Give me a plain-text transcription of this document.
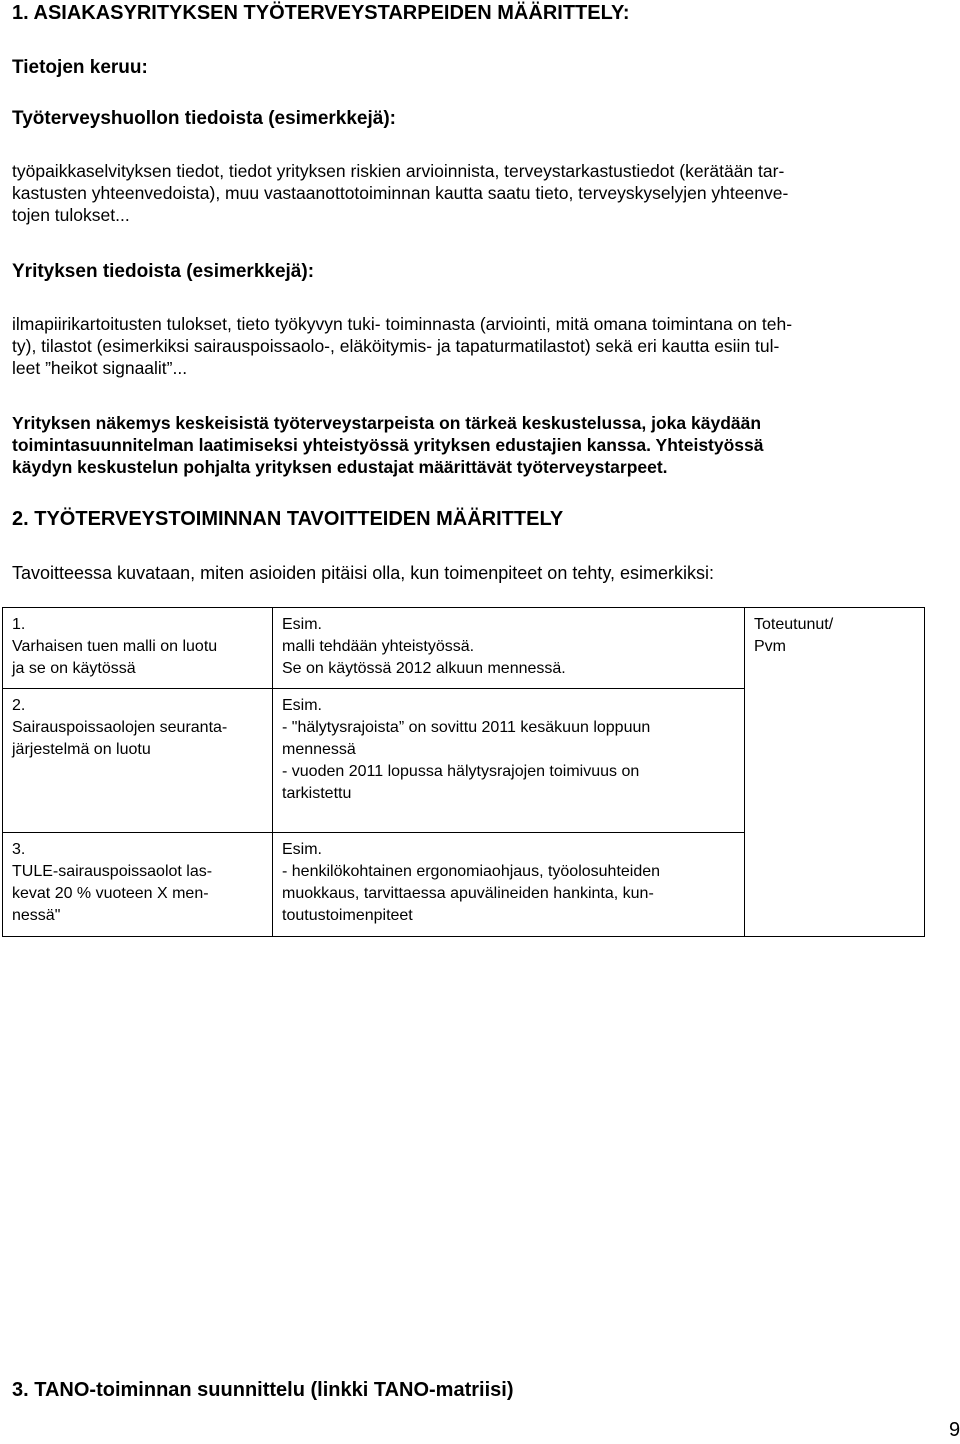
1. ASIAKASYRITYKSEN TYÖTERVEYSTARPEIDEN MÄÄRITTELY:
Tietojen keruu:
Työterveyshuollon tiedoista (esimerkkejä):

työpaikkaselvityksen tiedot, tiedot yrityksen riskien arvioinnista, terveystarkastustiedot (kerätään tar-
kastusten yhteenvedoista), muu vastaanottotoiminnan kautta saatu tieto, terveyskyselyjen yhteenve-
tojen tulokset...

Yrityksen tiedoista (esimerkkejä):

ilmapiirikartoitusten tulokset, tieto työkyvyn tuki- toiminnasta (arviointi, mitä omana toimintana on teh-
ty), tilastot (esimerkiksi sairauspoissaolo-, eläköitymis- ja tapaturmatilastot) sekä eri kautta esiin tul-
leet ”heikot signaalit”...

Yrityksen näkemys keskeisistä työterveystarpeista on tärkeä keskustelussa, joka käydään
toimintasuunnitelman laatimiseksi yhteistyössä yrityksen edustajien kanssa. Yhteistyössä
käydyn keskustelun pohjalta yrityksen edustajat määrittävät työterveystarpeet.

2. TYÖTERVEYSTOIMINNAN TAVOITTEIDEN MÄÄRITTELY

Tavoitteessa kuvataan, miten asioiden pitäisi olla, kun toimenpiteet on tehty, esimerkiksi:

1.
Varhaisen tuen malli on luotu
ja se on käytössä	Esim.
malli tehdään yhteistyössä.
Se on käytössä 2012 alkuun mennessä.	Toteutunut/
Pvm

2.
Sairauspoissaolojen seuranta-
järjestelmä on luotu	Esim.
- "hälytysrajoista” on sovittu 2011 kesäkuun loppuun
mennessä
- vuoden 2011 lopussa hälytysrajojen toimivuus on
tarkistettu	

3.
TULE-sairauspoissaolot las-
kevat 20 % vuoteen X men-
nessä"	Esim.
- henkilökohtainen ergonomiaohjaus, työolosuhteiden
muokkaus, tarvittaessa apuvälineiden hankinta, kun-
toutustoimenpiteet	
3. TANO-toiminnan suunnittelu (linkki TANO-matriisi)

9
